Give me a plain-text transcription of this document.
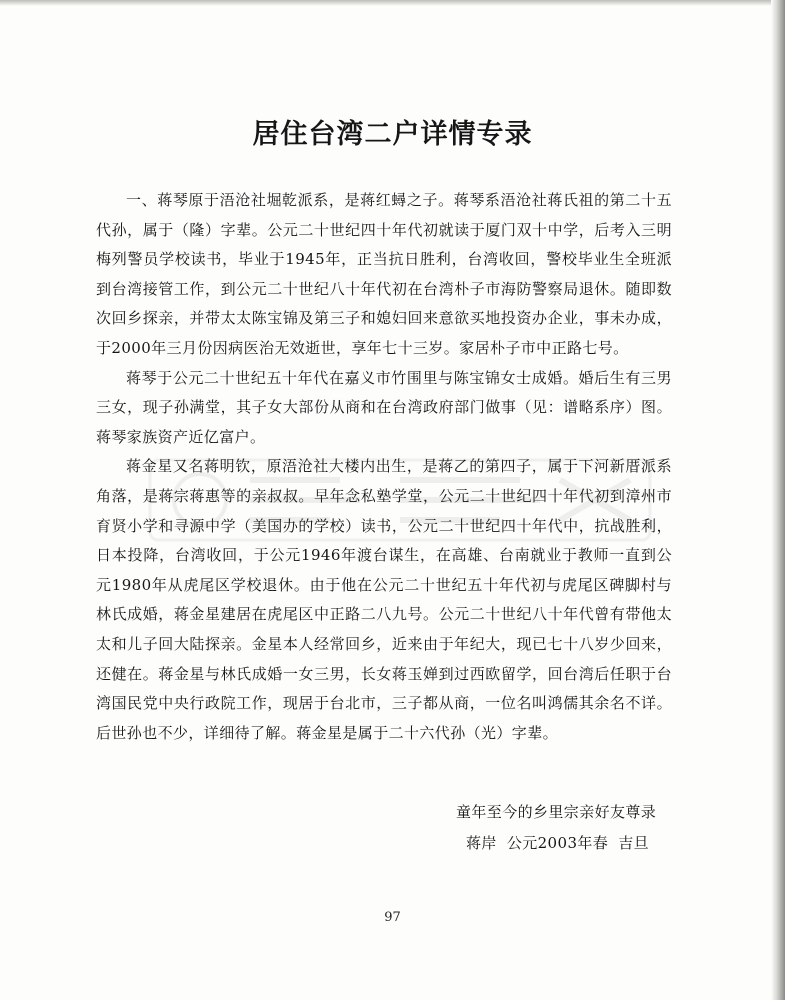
居住台湾二户详情专录

一、蒋琴原于浯沧社堀乾派系，是蒋红蟳之子。蒋琴系浯沧社蒋氏祖的第二十五代孙，属于（隆）字辈。公元二十世纪四十年代初就读于厦门双十中学，后考入三明梅列警员学校读书，毕业于1945年，正当抗日胜利，台湾收回，警校毕业生全班派到台湾接管工作，到公元二十世纪八十年代初在台湾朴子市海防警察局退休。随即数次回乡探亲，并带太太陈宝锦及第三子和媳妇回来意欲买地投资办企业，事未办成，于2000年三月份因病医治无效逝世，享年七十三岁。家居朴子市中正路七号。

蒋琴于公元二十世纪五十年代在嘉义市竹围里与陈宝锦女士成婚。婚后生有三男三女，现子孙满堂，其子女大部份从商和在台湾政府部门做事（见：谱略系序）图。蒋琴家族资产近亿富户。

蒋金星又名蒋明钦，原浯沧社大楼内出生，是蒋乙的第四子，属于下河新厝派系角落，是蒋宗蒋惠等的亲叔叔。早年念私塾学堂，公元二十世纪四十年代初到漳州市育贤小学和寻源中学（美国办的学校）读书，公元二十世纪四十年代中，抗战胜利，日本投降，台湾收回，于公元1946年渡台谋生，在高雄、台南就业于教师一直到公元1980年从虎尾区学校退休。由于他在公元二十世纪五十年代初与虎尾区碑脚村与林氏成婚，蒋金星建居在虎尾区中正路二八九号。公元二十世纪八十年代曾有带他太太和儿子回大陆探亲。金星本人经常回乡，近来由于年纪大，现已七十八岁少回来，还健在。蒋金星与林氏成婚一女三男，长女蒋玉婵到过西欧留学，回台湾后任职于台湾国民党中央行政院工作，现居于台北市，三子都从商，一位名叫鸿儒其余名不详。后世孙也不少，详细待了解。蒋金星是属于二十六代孙（光）字辈。

童年至今的乡里宗亲好友尊录
蒋岸 公元2003年春 吉旦
97
